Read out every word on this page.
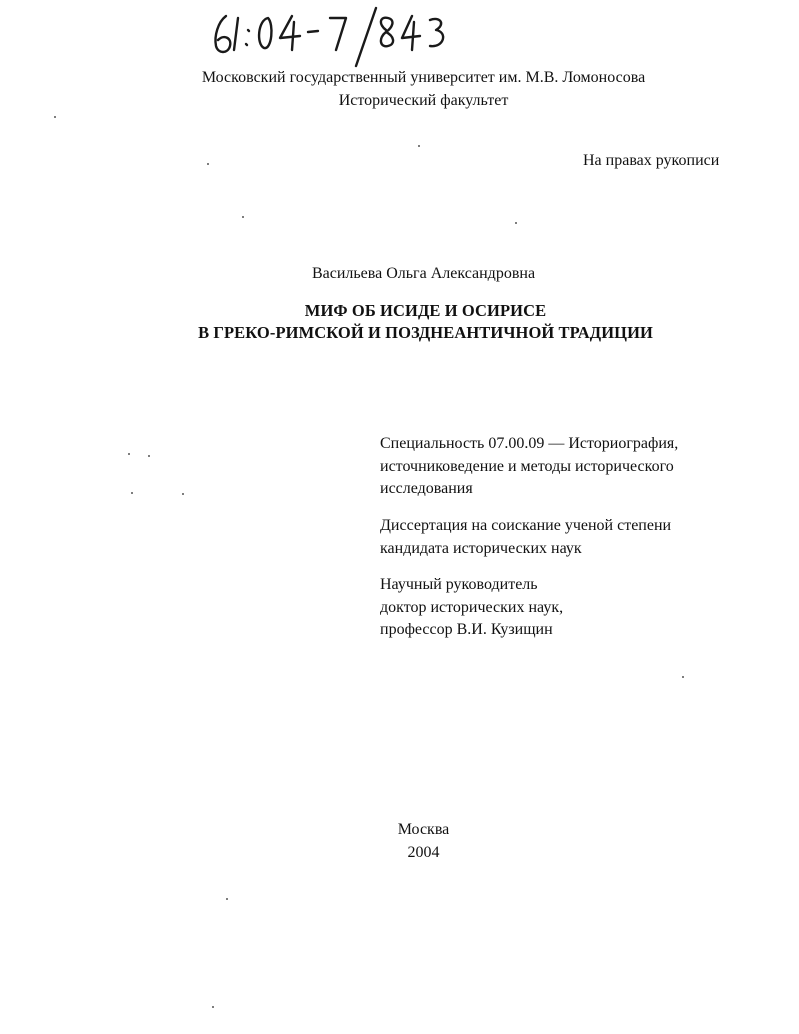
Московский государственный университет им. М.В. Ломоносова
Исторический факультет
На правах рукописи
Васильева Ольга Александровна
МИФ ОБ ИСИДЕ И ОСИРИСЕ
В ГРЕКО-РИМСКОЙ И ПОЗДНЕАНТИЧНОЙ ТРАДИЦИИ
Специальность 07.00.09 — Историография,
источниковедение и методы исторического
исследования
Диссертация на соискание ученой степени
кандидата исторических наук
Научный руководитель
доктор исторических наук,
профессор В.И. Кузищин
Москва
2004
